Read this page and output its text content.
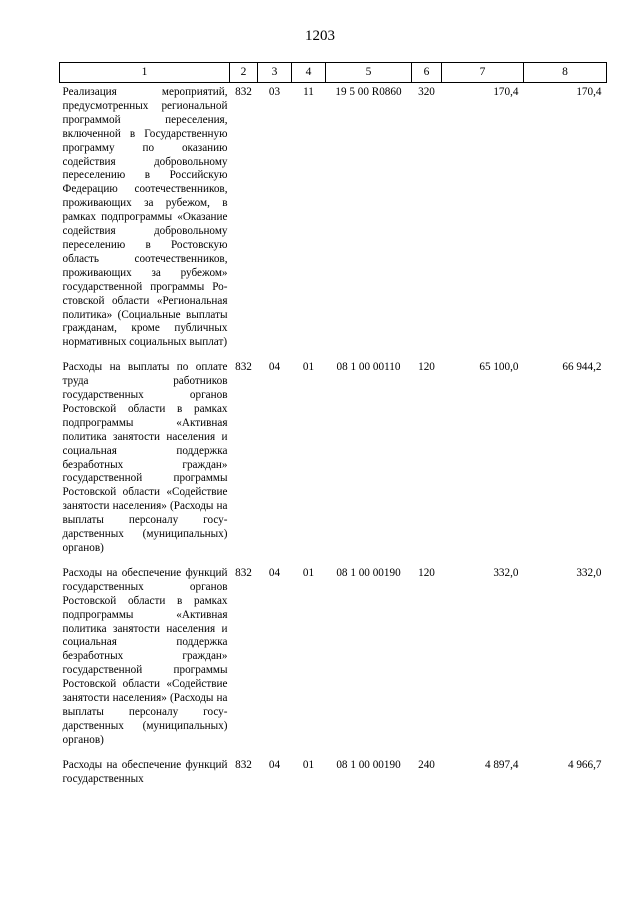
1203
1	2	3	4	5	6	7	8
Реализация мероприятий, предусмотренных региональной программой переселения, включенной в Государственную программу по оказанию содействия добровольному переселению в Российскую Федерацию соотечественников, проживающих за рубежом, в рамках подпрограммы «Оказание содействия добровольному переселению в Ростовскую область соотечественников, проживающих за рубежом» государственной программы Ростовской области «Региональная политика» (Социальные выплаты гражданам, кроме публичных нормативных социальных выплат)	832	03	11	19 5 00 R0860	320	170,4	170,4
Расходы на выплаты по оплате труда работников государственных органов Ростовской области в рамках подпрограммы «Активная политика занятости населения и социальная поддержка безработных граждан» государственной программы Ростовской области «Содействие занятости населения» (Расходы на выплаты персоналу государственных (муниципальных) органов)	832	04	01	08 1 00 00110	120	65 100,0	66 944,2
Расходы на обеспечение функций государственных органов Ростовской области в рамках подпрограммы «Активная политика занятости населения и социальная поддержка безработных граждан» государственной программы Ростовской области «Содействие занятости населения» (Расходы на выплаты персоналу государственных (муниципальных) органов)	832	04	01	08 1 00 00190	120	332,0	332,0
Расходы на обеспечение функций государственных	832	04	01	08 1 00 00190	240	4 897,4	4 966,7
